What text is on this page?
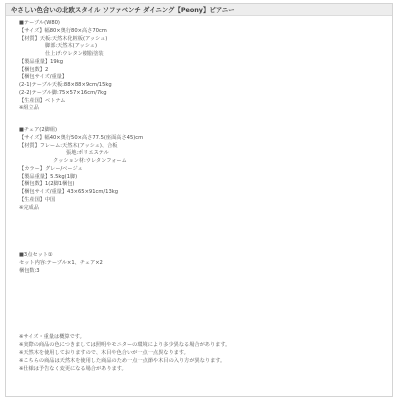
やさしい色合いの北欧スタイル ソファベンチ ダイニング【Peony】ピアニー
■テーブル(W80)
【サイズ】幅80×奥行80×高さ70cm
【材質】天板:天然木化粧板(アッシュ)
脚部:天然木(アッシュ)
仕上げ:ウレタン樹脂塗装
【製品重量】19kg
【梱包数】2
【梱包サイズ/重量】
(2-1)テーブル天板:88×88×9cm/15kg
(2-2)テーブル脚:75×57×16cm/7kg
【生産国】ベトナム
※組立品
■チェア(2脚組)
【サイズ】幅40×奥行50×高さ77.5(座面高さ45)cm
【材質】フレーム:天然木(アッシュ)、合板
張地:ポリエステル
クッション材:ウレタンフォーム
【カラー】グレー/ベージュ
【製品重量】5.5kg(1脚)
【梱包数】1(2脚1梱包)
【梱包サイズ/重量】43×65×91cm/13kg
【生産国】中国
※完成品
■3点セット①
セット内容:テーブル×1、チェア×2
梱包数:3
※サイズ・重量は概算です。
※実際の商品の色につきましては照明やモニターの環境により多少異なる場合があります。
※天然木を使用しておりますので、木目や色合いが一点一点異なります。
※こちらの商品は天然木を使用した商品のため一点一点節や木目の入り方が異なります。
※仕様は予告なく変更になる場合があります。
